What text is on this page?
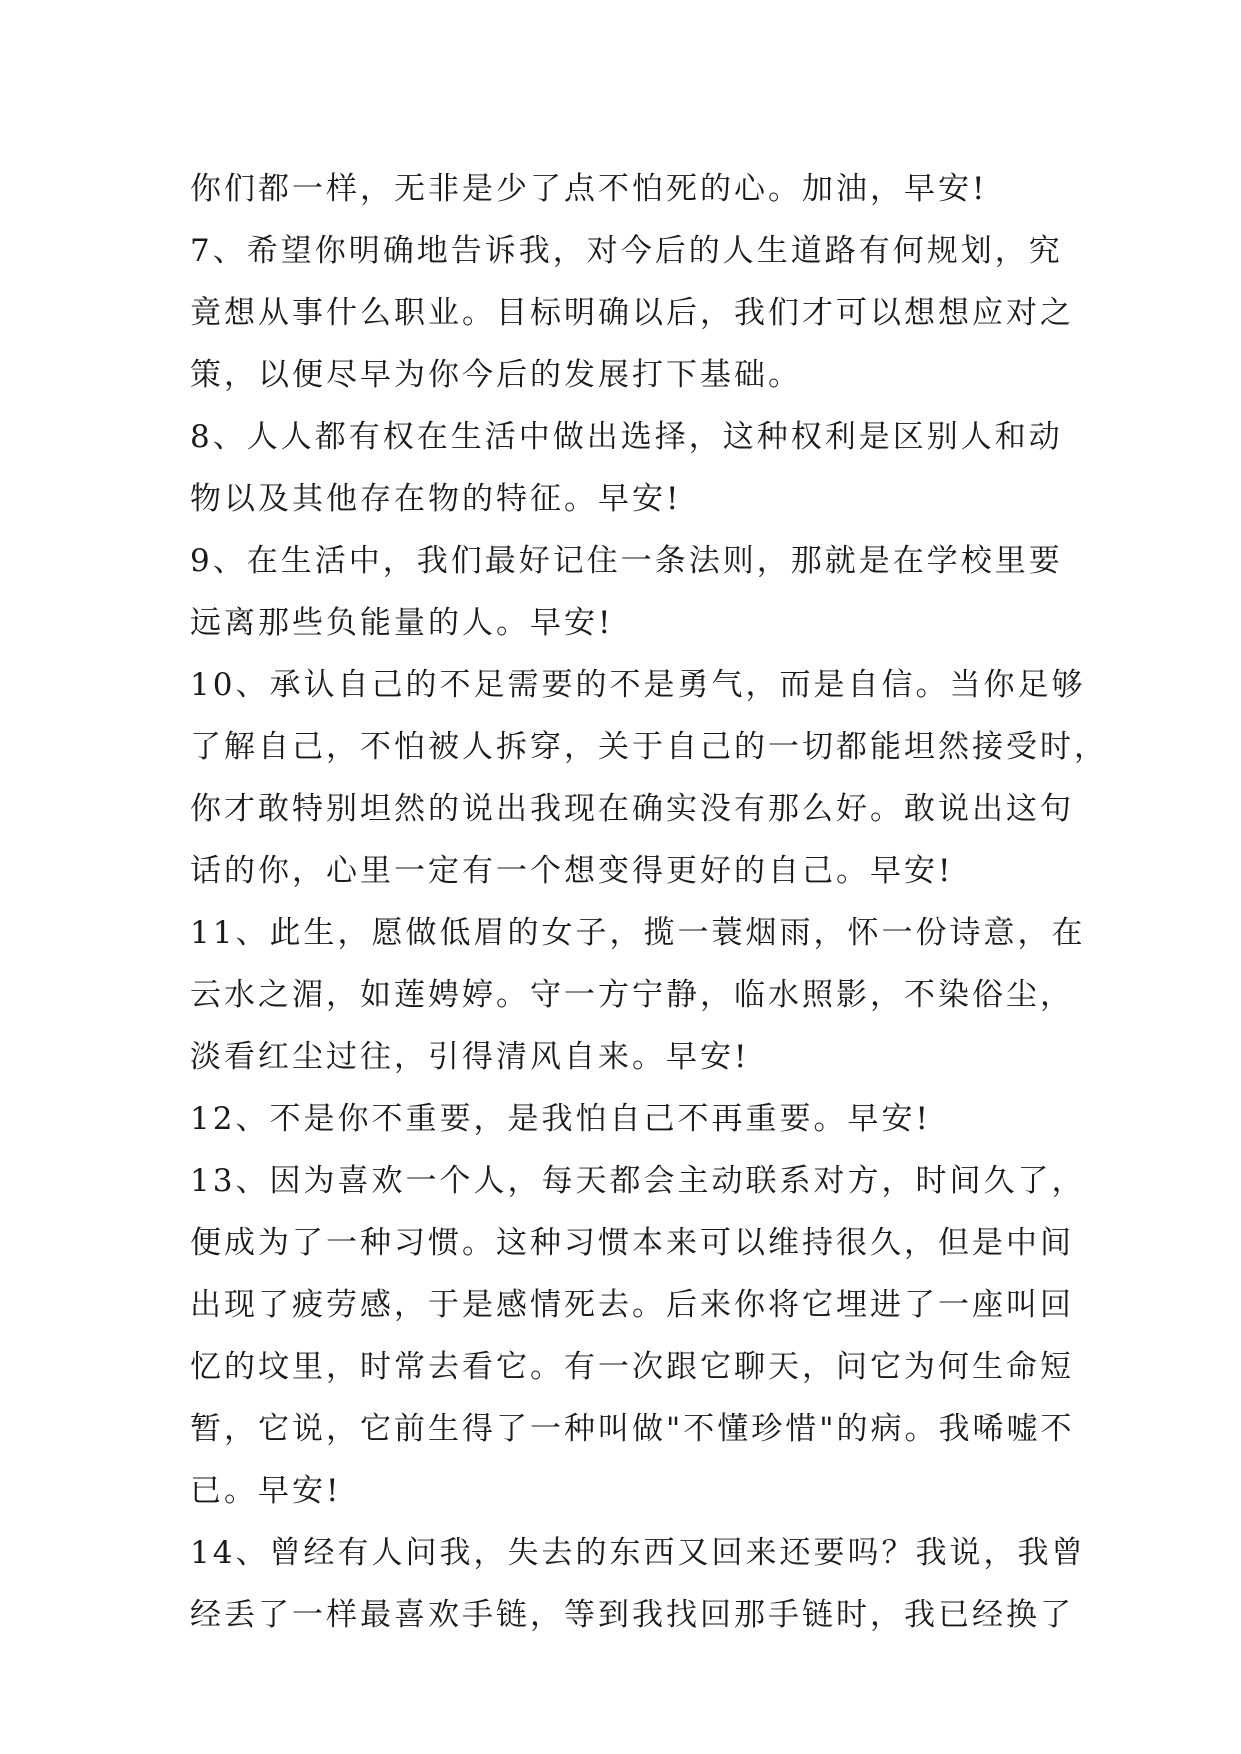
你们都一样，无非是少了点不怕死的心。加油，早安!
7、希望你明确地告诉我，对今后的人生道路有何规划，究
竟想从事什么职业。目标明确以后，我们才可以想想应对之
策，以便尽早为你今后的发展打下基础。
8、人人都有权在生活中做出选择，这种权利是区别人和动
物以及其他存在物的特征。早安!
9、在生活中，我们最好记住一条法则，那就是在学校里要
远离那些负能量的人。早安!
10、承认自己的不足需要的不是勇气，而是自信。当你足够
了解自己，不怕被人拆穿，关于自己的一切都能坦然接受时，
你才敢特别坦然的说出我现在确实没有那么好。敢说出这句
话的你，心里一定有一个想变得更好的自己。早安!
11、此生，愿做低眉的女子，揽一蓑烟雨，怀一份诗意，在
云水之湄，如莲娉婷。守一方宁静，临水照影，不染俗尘，
淡看红尘过往，引得清风自来。早安!
12、不是你不重要，是我怕自己不再重要。早安!
13、因为喜欢一个人，每天都会主动联系对方，时间久了，
便成为了一种习惯。这种习惯本来可以维持很久，但是中间
出现了疲劳感，于是感情死去。后来你将它埋进了一座叫回
忆的坟里，时常去看它。有一次跟它聊天，问它为何生命短
暂，它说，它前生得了一种叫做"不懂珍惜"的病。我唏嘘不
已。早安!
14、曾经有人问我，失去的东西又回来还要吗？我说，我曾
经丢了一样最喜欢手链，等到我找回那手链时，我已经换了
